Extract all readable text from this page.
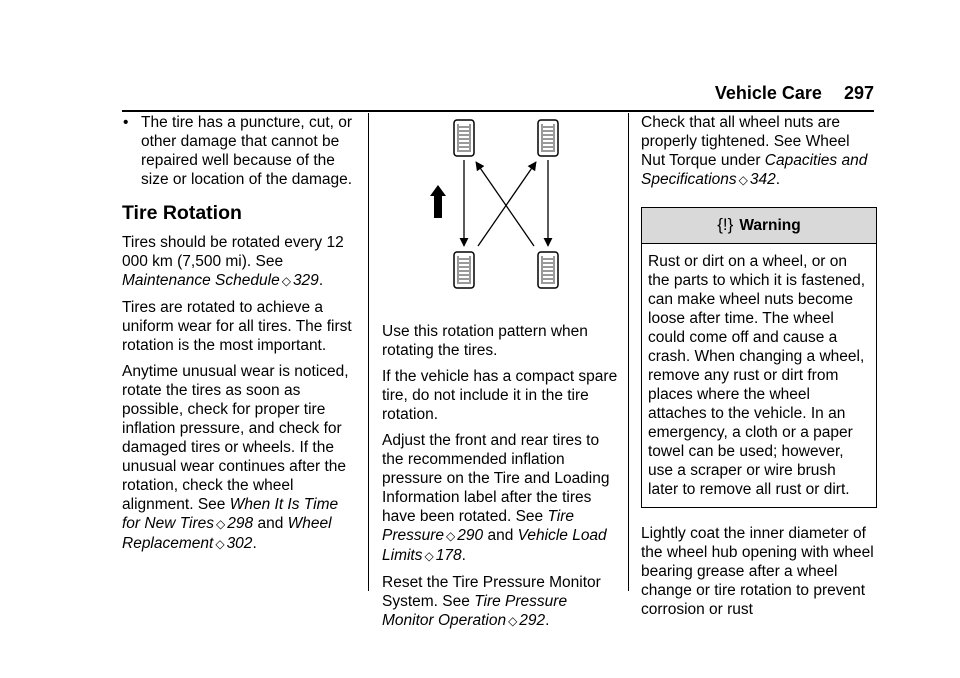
Vehicle Care 297
• The tire has a puncture, cut, or other damage that cannot be repaired well because of the size or location of the damage.
Tire Rotation

Tires should be rotated every 12 000 km (7,500 mi). See Maintenance Schedule ◇ 329.

Tires are rotated to achieve a uniform wear for all tires. The first rotation is the most important.

Anytime unusual wear is noticed, rotate the tires as soon as possible, check for proper tire inflation pressure, and check for damaged tires or wheels. If the unusual wear continues after the rotation, check the wheel alignment. See When It Is Time for New Tires ◇ 298 and Wheel Replacement ◇ 302.

Use this rotation pattern when rotating the tires.

If the vehicle has a compact spare tire, do not include it in the tire rotation.

Adjust the front and rear tires to the recommended inflation pressure on the Tire and Loading Information label after the tires have been rotated. See Tire Pressure ◇ 290 and Vehicle Load Limits ◇ 178.

Reset the Tire Pressure Monitor System. See Tire Pressure Monitor Operation ◇ 292.

Check that all wheel nuts are properly tightened. See Wheel Nut Torque under Capacities and Specifications ◇ 342.

{!} Warning
Rust or dirt on a wheel, or on the parts to which it is fastened, can make wheel nuts become loose after time. The wheel could come off and cause a crash. When changing a wheel, remove any rust or dirt from places where the wheel attaches to the vehicle. In an emergency, a cloth or a paper towel can be used; however, use a scraper or wire brush later to remove all rust or dirt.

Lightly coat the inner diameter of the wheel hub opening with wheel bearing grease after a wheel change or tire rotation to prevent corrosion or rust
